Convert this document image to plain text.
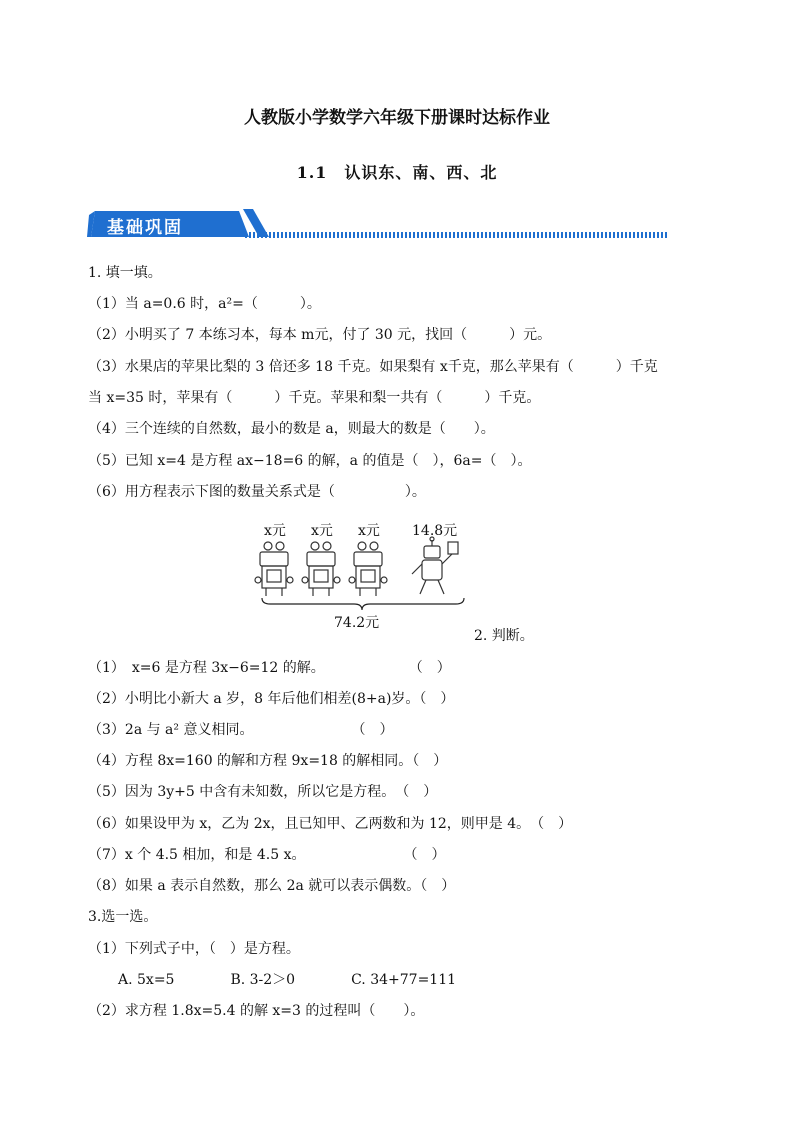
人教版小学数学六年级下册课时达标作业
1.1　认识东、南、西、北
基础巩固
1. 填一填。
（1）当 a=0.6 时，a²=（　　　）。
（2）小明买了 7 本练习本，每本 m元，付了 30 元，找回（　　　）元。
（3）水果店的苹果比梨的 3 倍还多 18 千克。如果梨有 x千克，那么苹果有（　　　）千克
当 x=35 时，苹果有（　　　）千克。苹果和梨一共有（　　　）千克。
（4）三个连续的自然数，最小的数是 a，则最大的数是（　　）。
（5）已知 x=4 是方程 ax−18=6 的解，a 的值是（　），6a=（　）。
（6）用方程表示下图的数量关系式是（　　　　　）。
x元 x元 x元 14.8元
74.2元
2. 判断。
（1）　x=6 是方程 3x−6=12 的解。　　　　　　　（　）
（2）小明比小新大 a 岁，8 年后他们相差(8+a)岁。（　）
（3）2a 与 a² 意义相同。　　　　　　　　（　）
（4）方程 8x=160 的解和方程 9x=18 的解相同。（　）
（5）因为 3y+5 中含有未知数，所以它是方程。　（　）
（6）如果设甲为 x，乙为 2x，且已知甲、乙两数和为 12，则甲是 4。　（　）
（7）x 个 4.5 相加，和是 4.5 x。　　　　　　　　（　）
（8）如果 a 表示自然数，那么 2a 就可以表示偶数。（　）
3.选一选。
（1）下列式子中，（　）是方程。
A. 5x=5　　　　B. 3-2＞0　　　　C. 34+77=111
（2）求方程 1.8x=5.4 的解 x=3 的过程叫（　　）。
